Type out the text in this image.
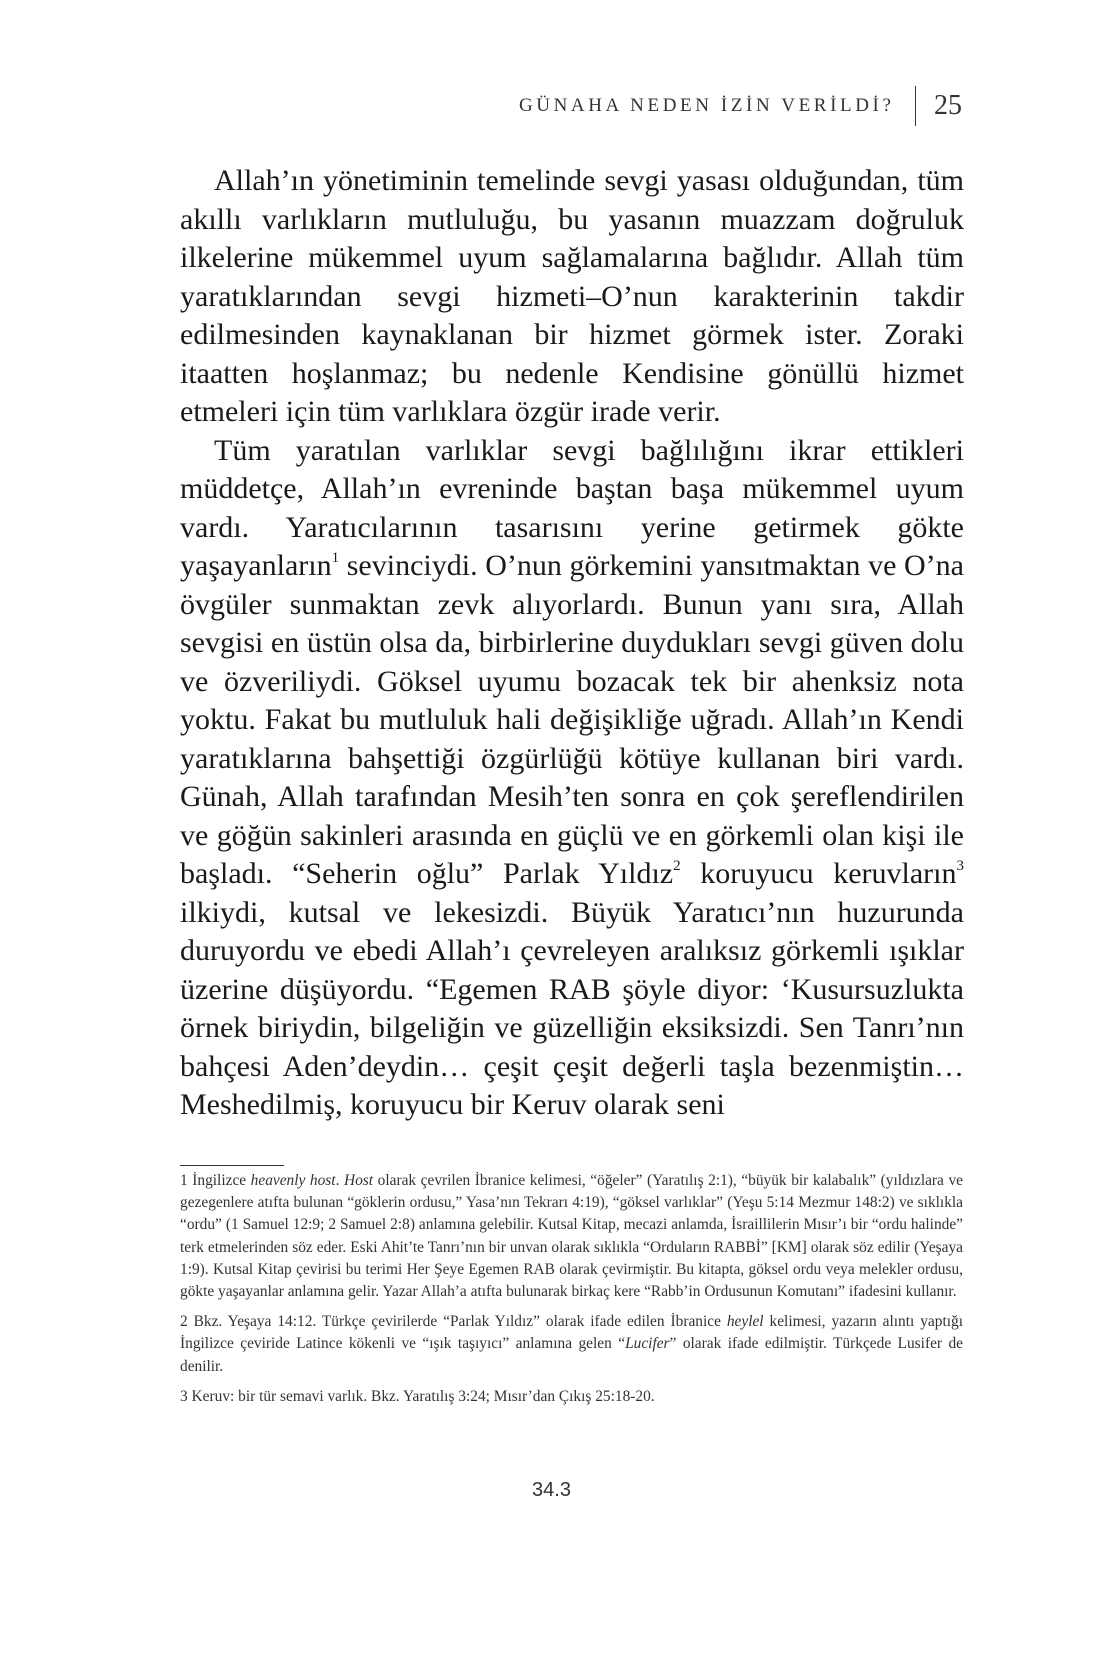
GÜNAHA NEDEN İZİN VERİLDİ? 25

Allah’ın yönetiminin temelinde sevgi yasası olduğundan, tüm akıllı varlıkların mutluluğu, bu yasanın muazzam doğruluk ilkelerine mükemmel uyum sağlamalarına bağlıdır. Allah tüm yaratıklarından sevgi hizmeti–O’nun karakterinin takdir edilmesinden kaynaklanan bir hizmet görmek ister. Zoraki itaatten hoşlanmaz; bu nedenle Kendisine gönüllü hizmet etmeleri için tüm varlıklara özgür irade verir.

Tüm yaratılan varlıklar sevgi bağlılığını ikrar ettikleri müddetçe, Allah’ın evreninde baştan başa mükemmel uyum vardı. Yaratıcılarının tasarısını yerine getirmek gökte yaşayanların$^1$ sevinciydi. O’nun görkemini yansıtmaktan ve O’na övgüler sunmaktan zevk alıyorlardı. Bunun yanı sıra, Allah sevgisi en üstün olsa da, birbirlerine duydukları sevgi güven dolu ve özveriliydi. Göksel uyumu bozacak tek bir ahenksiz nota yoktu. Fakat bu mutluluk hali değişikliğe uğradı. Allah’ın Kendi yaratıklarına bahşettiği özgürlüğü kötüye kullanan biri vardı. Günah, Allah tarafından Mesih’ten sonra en çok şereflendirilen ve göğün sakinleri arasında en güçlü ve en görkemli olan kişi ile başladı. “Seherin oğlu” Parlak Yıldız$^2$ koruyucu keruvların$^3$ ilkiydi, kutsal ve lekesizdi. Büyük Yaratıcı’nın huzurunda duruyordu ve ebedi Allah’ı çevreleyen aralıksız görkemli ışıklar üzerine düşüyordu. “Egemen RAB şöyle diyor: ‘Kusursuzlukta örnek biriydin, bilgeliğin ve güzelliğin eksiksizdi. Sen Tanrı’nın bahçesi Aden’deydin… çeşit çeşit değerli taşla bezenmiştin… Meshedilmiş, koruyucu bir Keruv olarak seni

1 İngilizce heavenly host. Host olarak çevrilen İbranice kelimesi, “öğeler” (Yaratılış 2:1), “büyük bir kalabalık” (yıldızlara ve gezegenlere atıfta bulunan “göklerin ordusu,” Yasa’nın Tekrarı 4:19), “göksel varlıklar” (Yeşu 5:14 Mezmur 148:2) ve sıklıkla “ordu” (1 Samuel 12:9; 2 Samuel 2:8) anlamına gelebilir. Kutsal Kitap, mecazi anlamda, İsraillilerin Mısır’ı bir “ordu halinde” terk etmelerinden söz eder. Eski Ahit’te Tanrı’nın bir unvan olarak sıklıkla “Orduların RABBİ” [KM] olarak söz edilir (Yeşaya 1:9). Kutsal Kitap çevirisi bu terimi Her Şeye Egemen RAB olarak çevirmiştir. Bu kitapta, göksel ordu veya melekler ordusu, gökte yaşayanlar anlamına gelir. Yazar Allah’a atıfta bulunarak birkaç kere “Rabb’in Ordusunun Komutanı” ifadesini kullanır.

2 Bkz. Yeşaya 14:12. Türkçe çevirilerde “Parlak Yıldız” olarak ifade edilen İbranice heylel kelimesi, yazarın alıntı yaptığı İngilizce çeviride Latince kökenli ve “ışık taşıyıcı” anlamına gelen “Lucifer” olarak ifade edilmiştir. Türkçede Lusifer de denilir.

3 Keruv: bir tür semavi varlık. Bkz. Yaratılış 3:24; Mısır’dan Çıkış 25:18-20.

34.3
